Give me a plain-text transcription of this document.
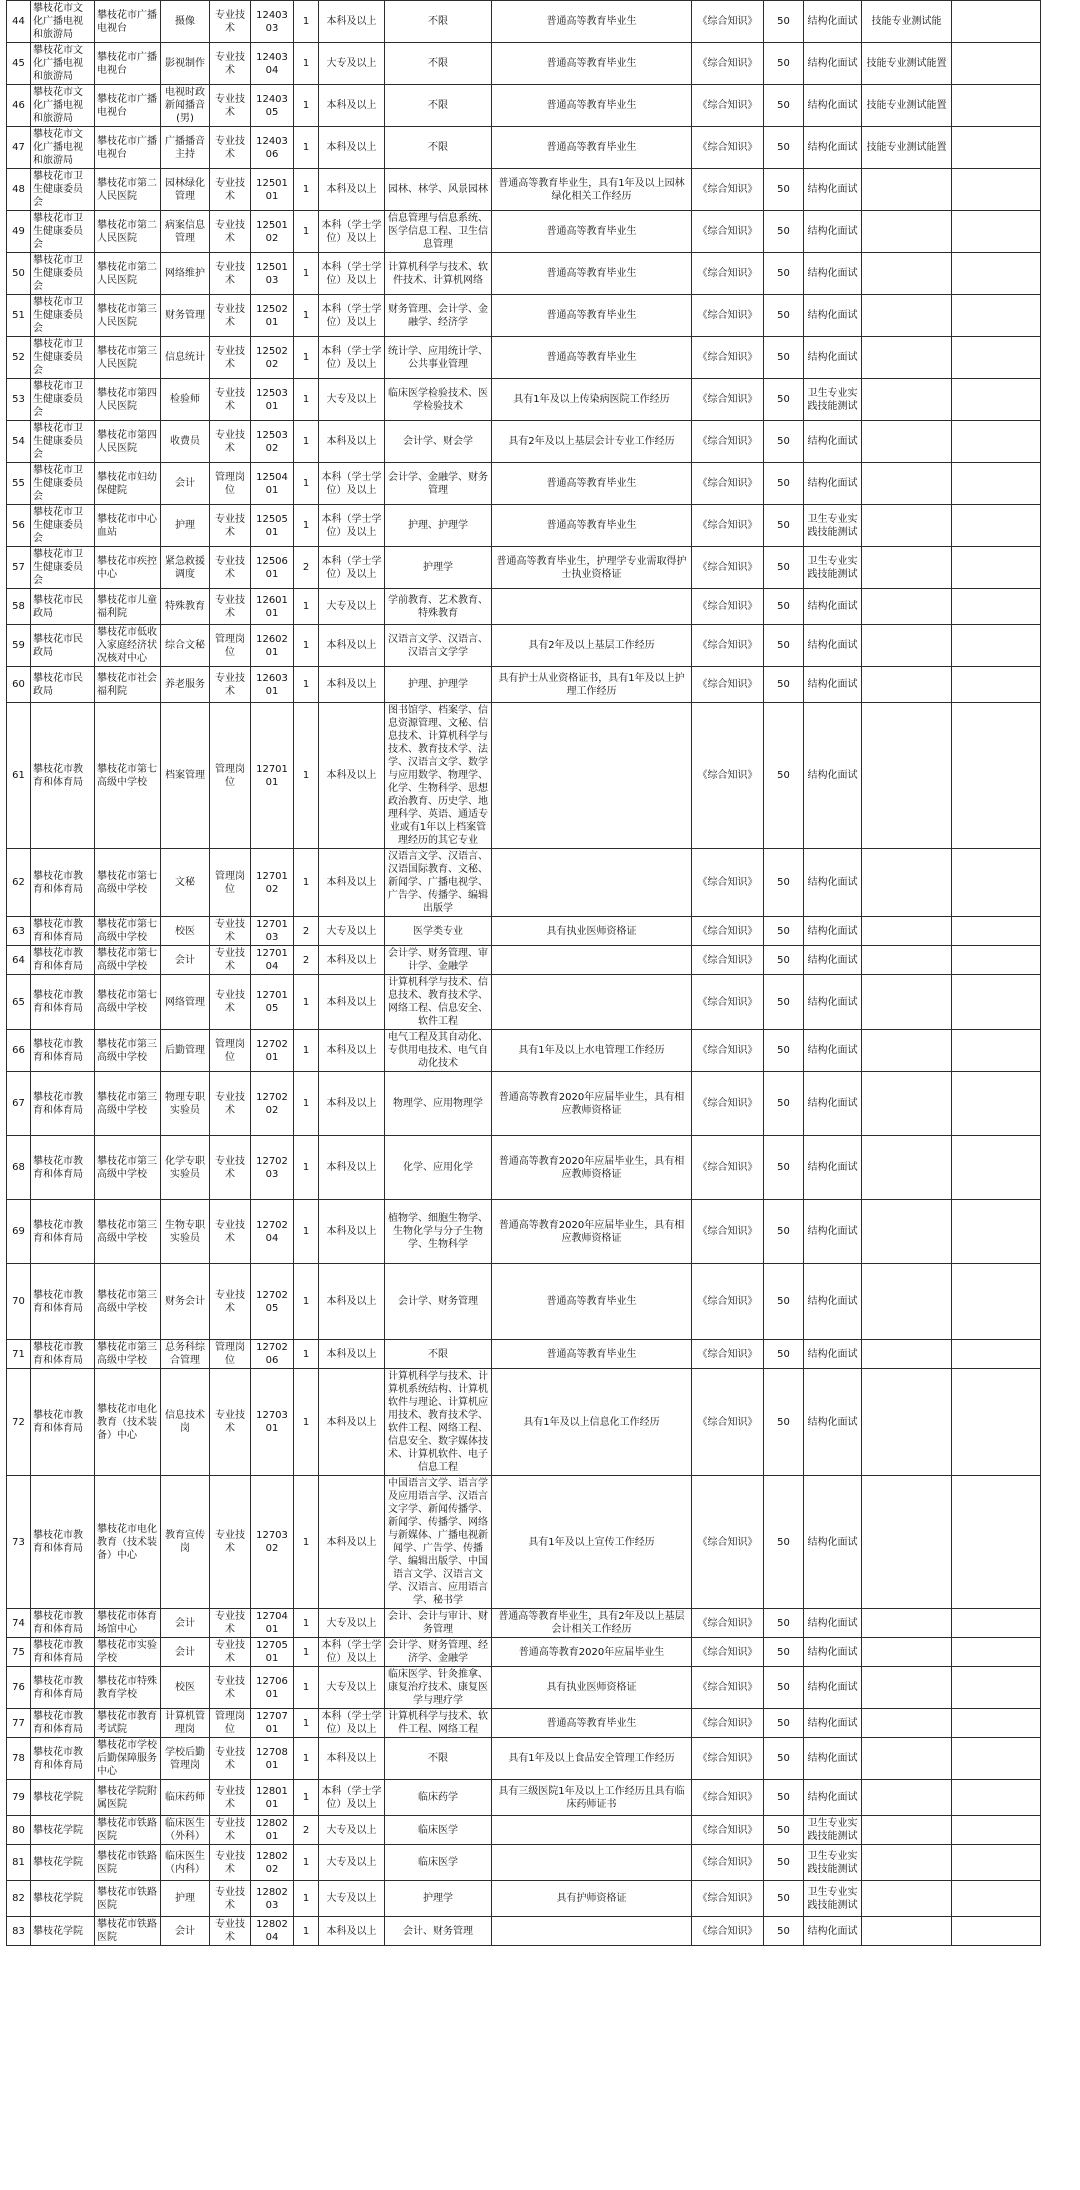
44	攀枝花市文化广播电视和旅游局	攀枝花市广播电视台	摄像	专业技术	1240303	1	本科及以上	不限	普通高等教育毕业生	《综合知识》	50	结构化面试	技能专业测试能	
45	攀枝花市文化广播电视和旅游局	攀枝花市广播电视台	影视制作	专业技术	1240304	1	大专及以上	不限	普通高等教育毕业生	《综合知识》	50	结构化面试	技能专业测试能置	
46	攀枝花市文化广播电视和旅游局	攀枝花市广播电视台	电视时政新闻播音(男)	专业技术	1240305	1	本科及以上	不限	普通高等教育毕业生	《综合知识》	50	结构化面试	技能专业测试能置	
47	攀枝花市文化广播电视和旅游局	攀枝花市广播电视台	广播播音主持	专业技术	1240306	1	本科及以上	不限	普通高等教育毕业生	《综合知识》	50	结构化面试	技能专业测试能置	
48	攀枝花市卫生健康委员会	攀枝花市第二人民医院	园林绿化管理	专业技术	1250101	1	本科及以上	园林、林学、风景园林	普通高等教育毕业生，具有1年及以上园林绿化相关工作经历	《综合知识》	50	结构化面试		
49	攀枝花市卫生健康委员会	攀枝花市第二人民医院	病案信息管理	专业技术	1250102	1	本科（学士学位）及以上	信息管理与信息系统、医学信息工程、卫生信息管理	普通高等教育毕业生	《综合知识》	50	结构化面试		
50	攀枝花市卫生健康委员会	攀枝花市第二人民医院	网络维护	专业技术	1250103	1	本科（学士学位）及以上	计算机科学与技术、软件技术、计算机网络	普通高等教育毕业生	《综合知识》	50	结构化面试		
51	攀枝花市卫生健康委员会	攀枝花市第三人民医院	财务管理	专业技术	1250201	1	本科（学士学位）及以上	财务管理、会计学、金融学、经济学	普通高等教育毕业生	《综合知识》	50	结构化面试		
52	攀枝花市卫生健康委员会	攀枝花市第三人民医院	信息统计	专业技术	1250202	1	本科（学士学位）及以上	统计学、应用统计学、公共事业管理	普通高等教育毕业生	《综合知识》	50	结构化面试		
53	攀枝花市卫生健康委员会	攀枝花市第四人民医院	检验师	专业技术	1250301	1	大专及以上	临床医学检验技术、医学检验技术	具有1年及以上传染病医院工作经历	《综合知识》	50	卫生专业实践技能测试		
54	攀枝花市卫生健康委员会	攀枝花市第四人民医院	收费员	专业技术	1250302	1	本科及以上	会计学、财会学	具有2年及以上基层会计专业工作经历	《综合知识》	50	结构化面试		
55	攀枝花市卫生健康委员会	攀枝花市妇幼保健院	会计	管理岗位	1250401	1	本科（学士学位）及以上	会计学、金融学、财务管理	普通高等教育毕业生	《综合知识》	50	结构化面试		
56	攀枝花市卫生健康委员会	攀枝花市中心血站	护理	专业技术	1250501	1	本科（学士学位）及以上	护理、护理学	普通高等教育毕业生	《综合知识》	50	卫生专业实践技能测试		
57	攀枝花市卫生健康委员会	攀枝花市疾控中心	紧急救援调度	专业技术	1250601	2	本科（学士学位）及以上	护理学	普通高等教育毕业生，护理学专业需取得护士执业资格证	《综合知识》	50	卫生专业实践技能测试		
58	攀枝花市民政局	攀枝花市儿童福利院	特殊教育	专业技术	1260101	1	大专及以上	学前教育、艺术教育、特殊教育		《综合知识》	50	结构化面试		
59	攀枝花市民政局	攀枝花市低收入家庭经济状况核对中心	综合文秘	管理岗位	1260201	1	本科及以上	汉语言文学、汉语言、汉语言文学学	具有2年及以上基层工作经历	《综合知识》	50	结构化面试		
60	攀枝花市民政局	攀枝花市社会福利院	养老服务	专业技术	1260301	1	本科及以上	护理、护理学	具有护士从业资格证书，具有1年及以上护理工作经历	《综合知识》	50	结构化面试		
61	攀枝花市教育和体育局	攀枝花市第七高级中学校	档案管理	管理岗位	1270101	1	本科及以上	图书馆学、档案学、信息资源管理、文秘、信息技术、计算机科学与技术、教育技术学、法学、汉语言文学、数学与应用数学、物理学、化学、生物科学、思想政治教育、历史学、地理科学、英语、通适专业或有1年以上档案管理经历的其它专业		《综合知识》	50	结构化面试		
62	攀枝花市教育和体育局	攀枝花市第七高级中学校	文秘	管理岗位	1270102	1	本科及以上	汉语言文学、汉语言、汉语国际教育、文秘、新闻学、广播电视学、广告学、传播学、编辑出版学		《综合知识》	50	结构化面试		
63	攀枝花市教育和体育局	攀枝花市第七高级中学校	校医	专业技术	1270103	2	大专及以上	医学类专业	具有执业医师资格证	《综合知识》	50	结构化面试		
64	攀枝花市教育和体育局	攀枝花市第七高级中学校	会计	专业技术	1270104	2	本科及以上	会计学、财务管理、审计学、金融学		《综合知识》	50	结构化面试		
65	攀枝花市教育和体育局	攀枝花市第七高级中学校	网络管理	专业技术	1270105	1	本科及以上	计算机科学与技术、信息技术、教育技术学、网络工程、信息安全、软件工程		《综合知识》	50	结构化面试		
66	攀枝花市教育和体育局	攀枝花市第三高级中学校	后勤管理	管理岗位	1270201	1	本科及以上	电气工程及其自动化、专供用电技术、电气自动化技术	具有1年及以上水电管理工作经历	《综合知识》	50	结构化面试		
67	攀枝花市教育和体育局	攀枝花市第三高级中学校	物理专职实验员	专业技术	1270202	1	本科及以上	物理学、应用物理学	普通高等教育2020年应届毕业生，具有相应教师资格证	《综合知识》	50	结构化面试		
68	攀枝花市教育和体育局	攀枝花市第三高级中学校	化学专职实验员	专业技术	1270203	1	本科及以上	化学、应用化学	普通高等教育2020年应届毕业生，具有相应教师资格证	《综合知识》	50	结构化面试		
69	攀枝花市教育和体育局	攀枝花市第三高级中学校	生物专职实验员	专业技术	1270204	1	本科及以上	植物学、细胞生物学、生物化学与分子生物学、生物科学	普通高等教育2020年应届毕业生，具有相应教师资格证	《综合知识》	50	结构化面试		
70	攀枝花市教育和体育局	攀枝花市第三高级中学校	财务会计	专业技术	1270205	1	本科及以上	会计学、财务管理	普通高等教育毕业生	《综合知识》	50	结构化面试		
71	攀枝花市教育和体育局	攀枝花市第三高级中学校	总务科综合管理	管理岗位	1270206	1	本科及以上	不限	普通高等教育毕业生	《综合知识》	50	结构化面试		
72	攀枝花市教育和体育局	攀枝花市电化教育（技术装备）中心	信息技术岗	专业技术	1270301	1	本科及以上	计算机科学与技术、计算机系统结构、计算机软件与理论、计算机应用技术、教育技术学、软件工程、网络工程、信息安全、数字媒体技术、计算机软件、电子信息工程	具有1年及以上信息化工作经历	《综合知识》	50	结构化面试		
73	攀枝花市教育和体育局	攀枝花市电化教育（技术装备）中心	教育宣传岗	专业技术	1270302	1	本科及以上	中国语言文学、语言学及应用语言学、汉语言文字学、新闻传播学、新闻学、传播学、网络与新媒体、广播电视新闻学、广告学、传播学、编辑出版学、中国语言文学、汉语言文学、汉语言、应用语言学、秘书学	具有1年及以上宣传工作经历	《综合知识》	50	结构化面试		
74	攀枝花市教育和体育局	攀枝花市体育场馆中心	会计	专业技术	1270401	1	大专及以上	会计、会计与审计、财务管理	普通高等教育毕业生，具有2年及以上基层会计相关工作经历	《综合知识》	50	结构化面试		
75	攀枝花市教育和体育局	攀枝花市实验学校	会计	专业技术	1270501	1	本科（学士学位）及以上	会计学、财务管理、经济学、金融学	普通高等教育2020年应届毕业生	《综合知识》	50	结构化面试		
76	攀枝花市教育和体育局	攀枝花市特殊教育学校	校医	专业技术	1270601	1	大专及以上	临床医学、针灸推拿、康复治疗技术、康复医学与理疗学	具有执业医师资格证	《综合知识》	50	结构化面试		
77	攀枝花市教育和体育局	攀枝花市教育考试院	计算机管理岗	管理岗位	1270701	1	本科（学士学位）及以上	计算机科学与技术、软件工程、网络工程	普通高等教育毕业生	《综合知识》	50	结构化面试		
78	攀枝花市教育和体育局	攀枝花市学校后勤保障服务中心	学校后勤管理岗	专业技术	1270801	1	本科及以上	不限	具有1年及以上食品安全管理工作经历	《综合知识》	50	结构化面试		
79	攀枝花学院	攀枝花学院附属医院	临床药师	专业技术	1280101	1	本科（学士学位）及以上	临床药学	具有三级医院1年及以上工作经历且具有临床药师证书	《综合知识》	50	结构化面试		
80	攀枝花学院	攀枝花市铁路医院	临床医生（外科）	专业技术	1280201	2	大专及以上	临床医学		《综合知识》	50	卫生专业实践技能测试		
81	攀枝花学院	攀枝花市铁路医院	临床医生（内科）	专业技术	1280202	1	大专及以上	临床医学		《综合知识》	50	卫生专业实践技能测试		
82	攀枝花学院	攀枝花市铁路医院	护理	专业技术	1280203	1	大专及以上	护理学	具有护师资格证	《综合知识》	50	卫生专业实践技能测试		
83	攀枝花学院	攀枝花市铁路医院	会计	专业技术	1280204	1	本科及以上	会计、财务管理		《综合知识》	50	结构化面试		
